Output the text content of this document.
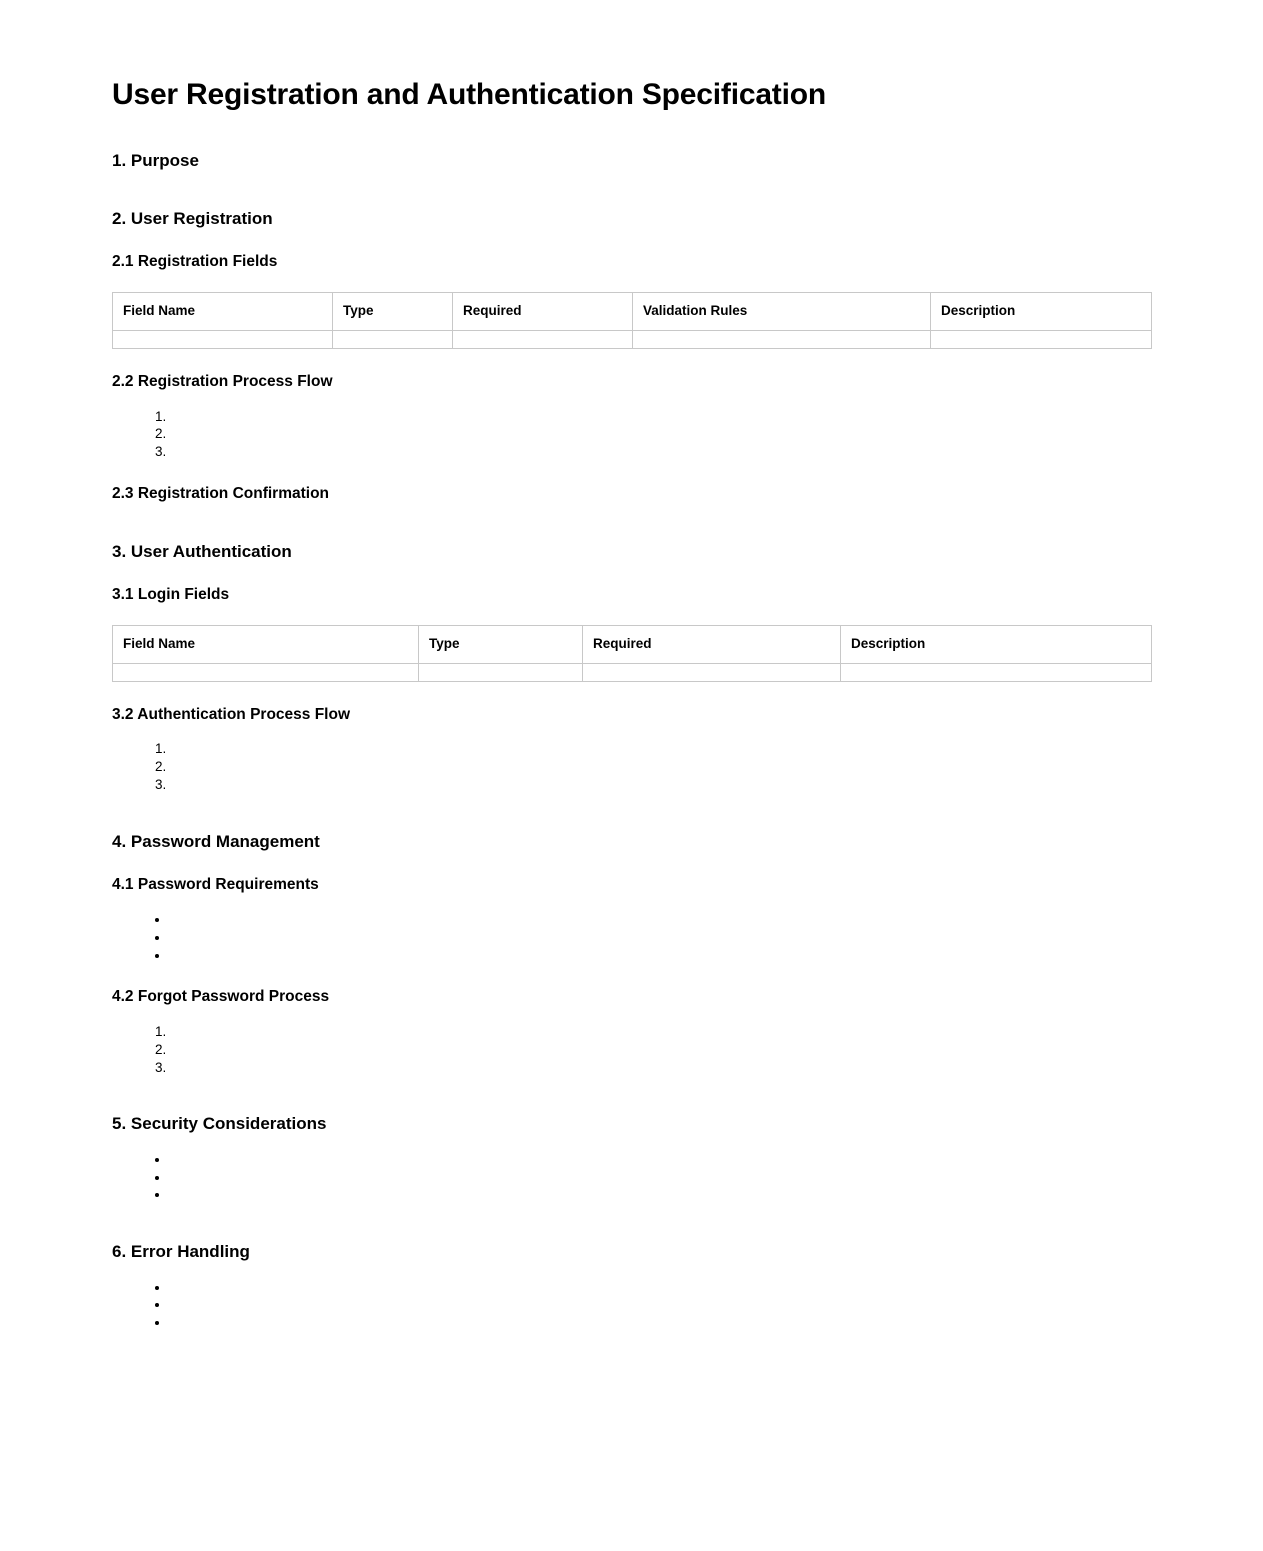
User Registration and Authentication Specification
1. Purpose
2. User Registration
2.1 Registration Fields
Field Name	Type	Required	Validation Rules	Description

2.2 Registration Process Flow
1.
2.
3.
2.3 Registration Confirmation
3. User Authentication
3.1 Login Fields
Field Name	Type	Required	Description

3.2 Authentication Process Flow
1.
2.
3.
4. Password Management
4.1 Password Requirements
•
•
•
4.2 Forgot Password Process
1.
2.
3.
5. Security Considerations
•
•
•
6. Error Handling
•
•
•
